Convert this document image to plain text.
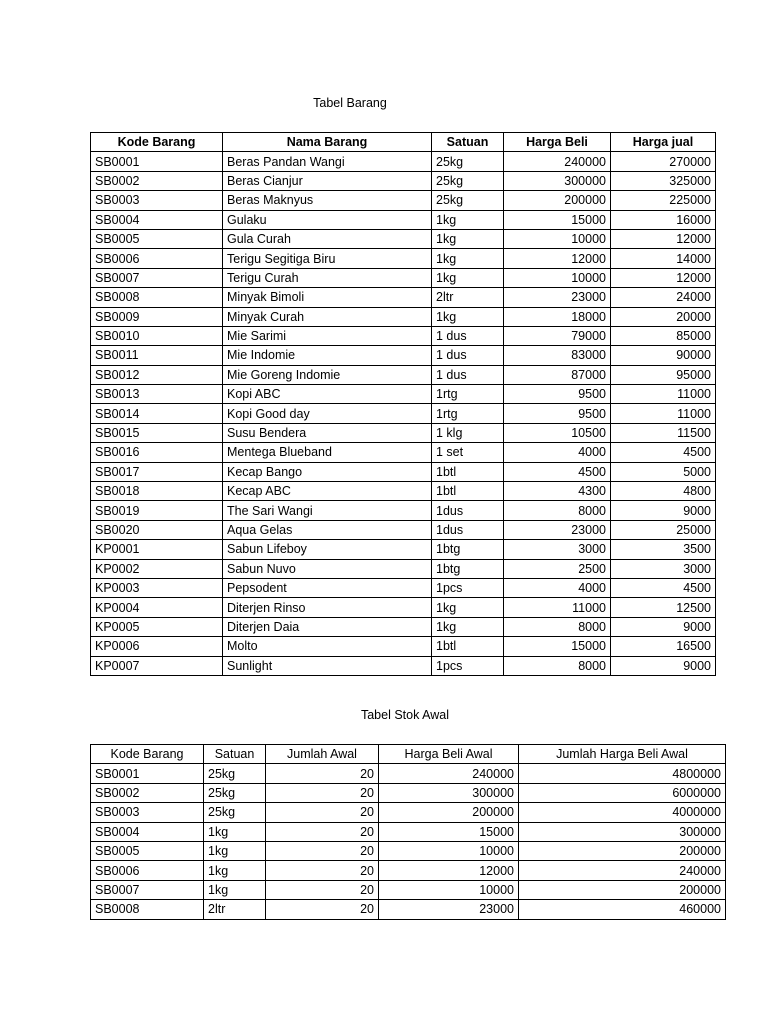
Tabel Barang
Kode Barang	Nama Barang	Satuan	Harga Beli	Harga jual
SB0001	Beras Pandan Wangi	25kg	240000	270000
SB0002	Beras Cianjur	25kg	300000	325000
SB0003	Beras Maknyus	25kg	200000	225000
SB0004	Gulaku	1kg	15000	16000
SB0005	Gula Curah	1kg	10000	12000
SB0006	Terigu Segitiga Biru	1kg	12000	14000
SB0007	Terigu Curah	1kg	10000	12000
SB0008	Minyak Bimoli	2ltr	23000	24000
SB0009	Minyak Curah	1kg	18000	20000
SB0010	Mie Sarimi	1 dus	79000	85000
SB0011	Mie Indomie	1 dus	83000	90000
SB0012	Mie Goreng Indomie	1 dus	87000	95000
SB0013	Kopi ABC	1rtg	9500	11000
SB0014	Kopi Good day	1rtg	9500	11000
SB0015	Susu Bendera	1 klg	10500	11500
SB0016	Mentega Blueband	1 set	4000	4500
SB0017	Kecap Bango	1btl	4500	5000
SB0018	Kecap ABC	1btl	4300	4800
SB0019	The Sari Wangi	1dus	8000	9000
SB0020	Aqua Gelas	1dus	23000	25000
KP0001	Sabun Lifeboy	1btg	3000	3500
KP0002	Sabun Nuvo	1btg	2500	3000
KP0003	Pepsodent	1pcs	4000	4500
KP0004	Diterjen Rinso	1kg	11000	12500
KP0005	Diterjen Daia	1kg	8000	9000
KP0006	Molto	1btl	15000	16500
KP0007	Sunlight	1pcs	8000	9000
Tabel Stok Awal
Kode Barang	Satuan	Jumlah Awal	Harga Beli Awal	Jumlah Harga Beli Awal
SB0001	25kg	20	240000	4800000
SB0002	25kg	20	300000	6000000
SB0003	25kg	20	200000	4000000
SB0004	1kg	20	15000	300000
SB0005	1kg	20	10000	200000
SB0006	1kg	20	12000	240000
SB0007	1kg	20	10000	200000
SB0008	2ltr	20	23000	460000
